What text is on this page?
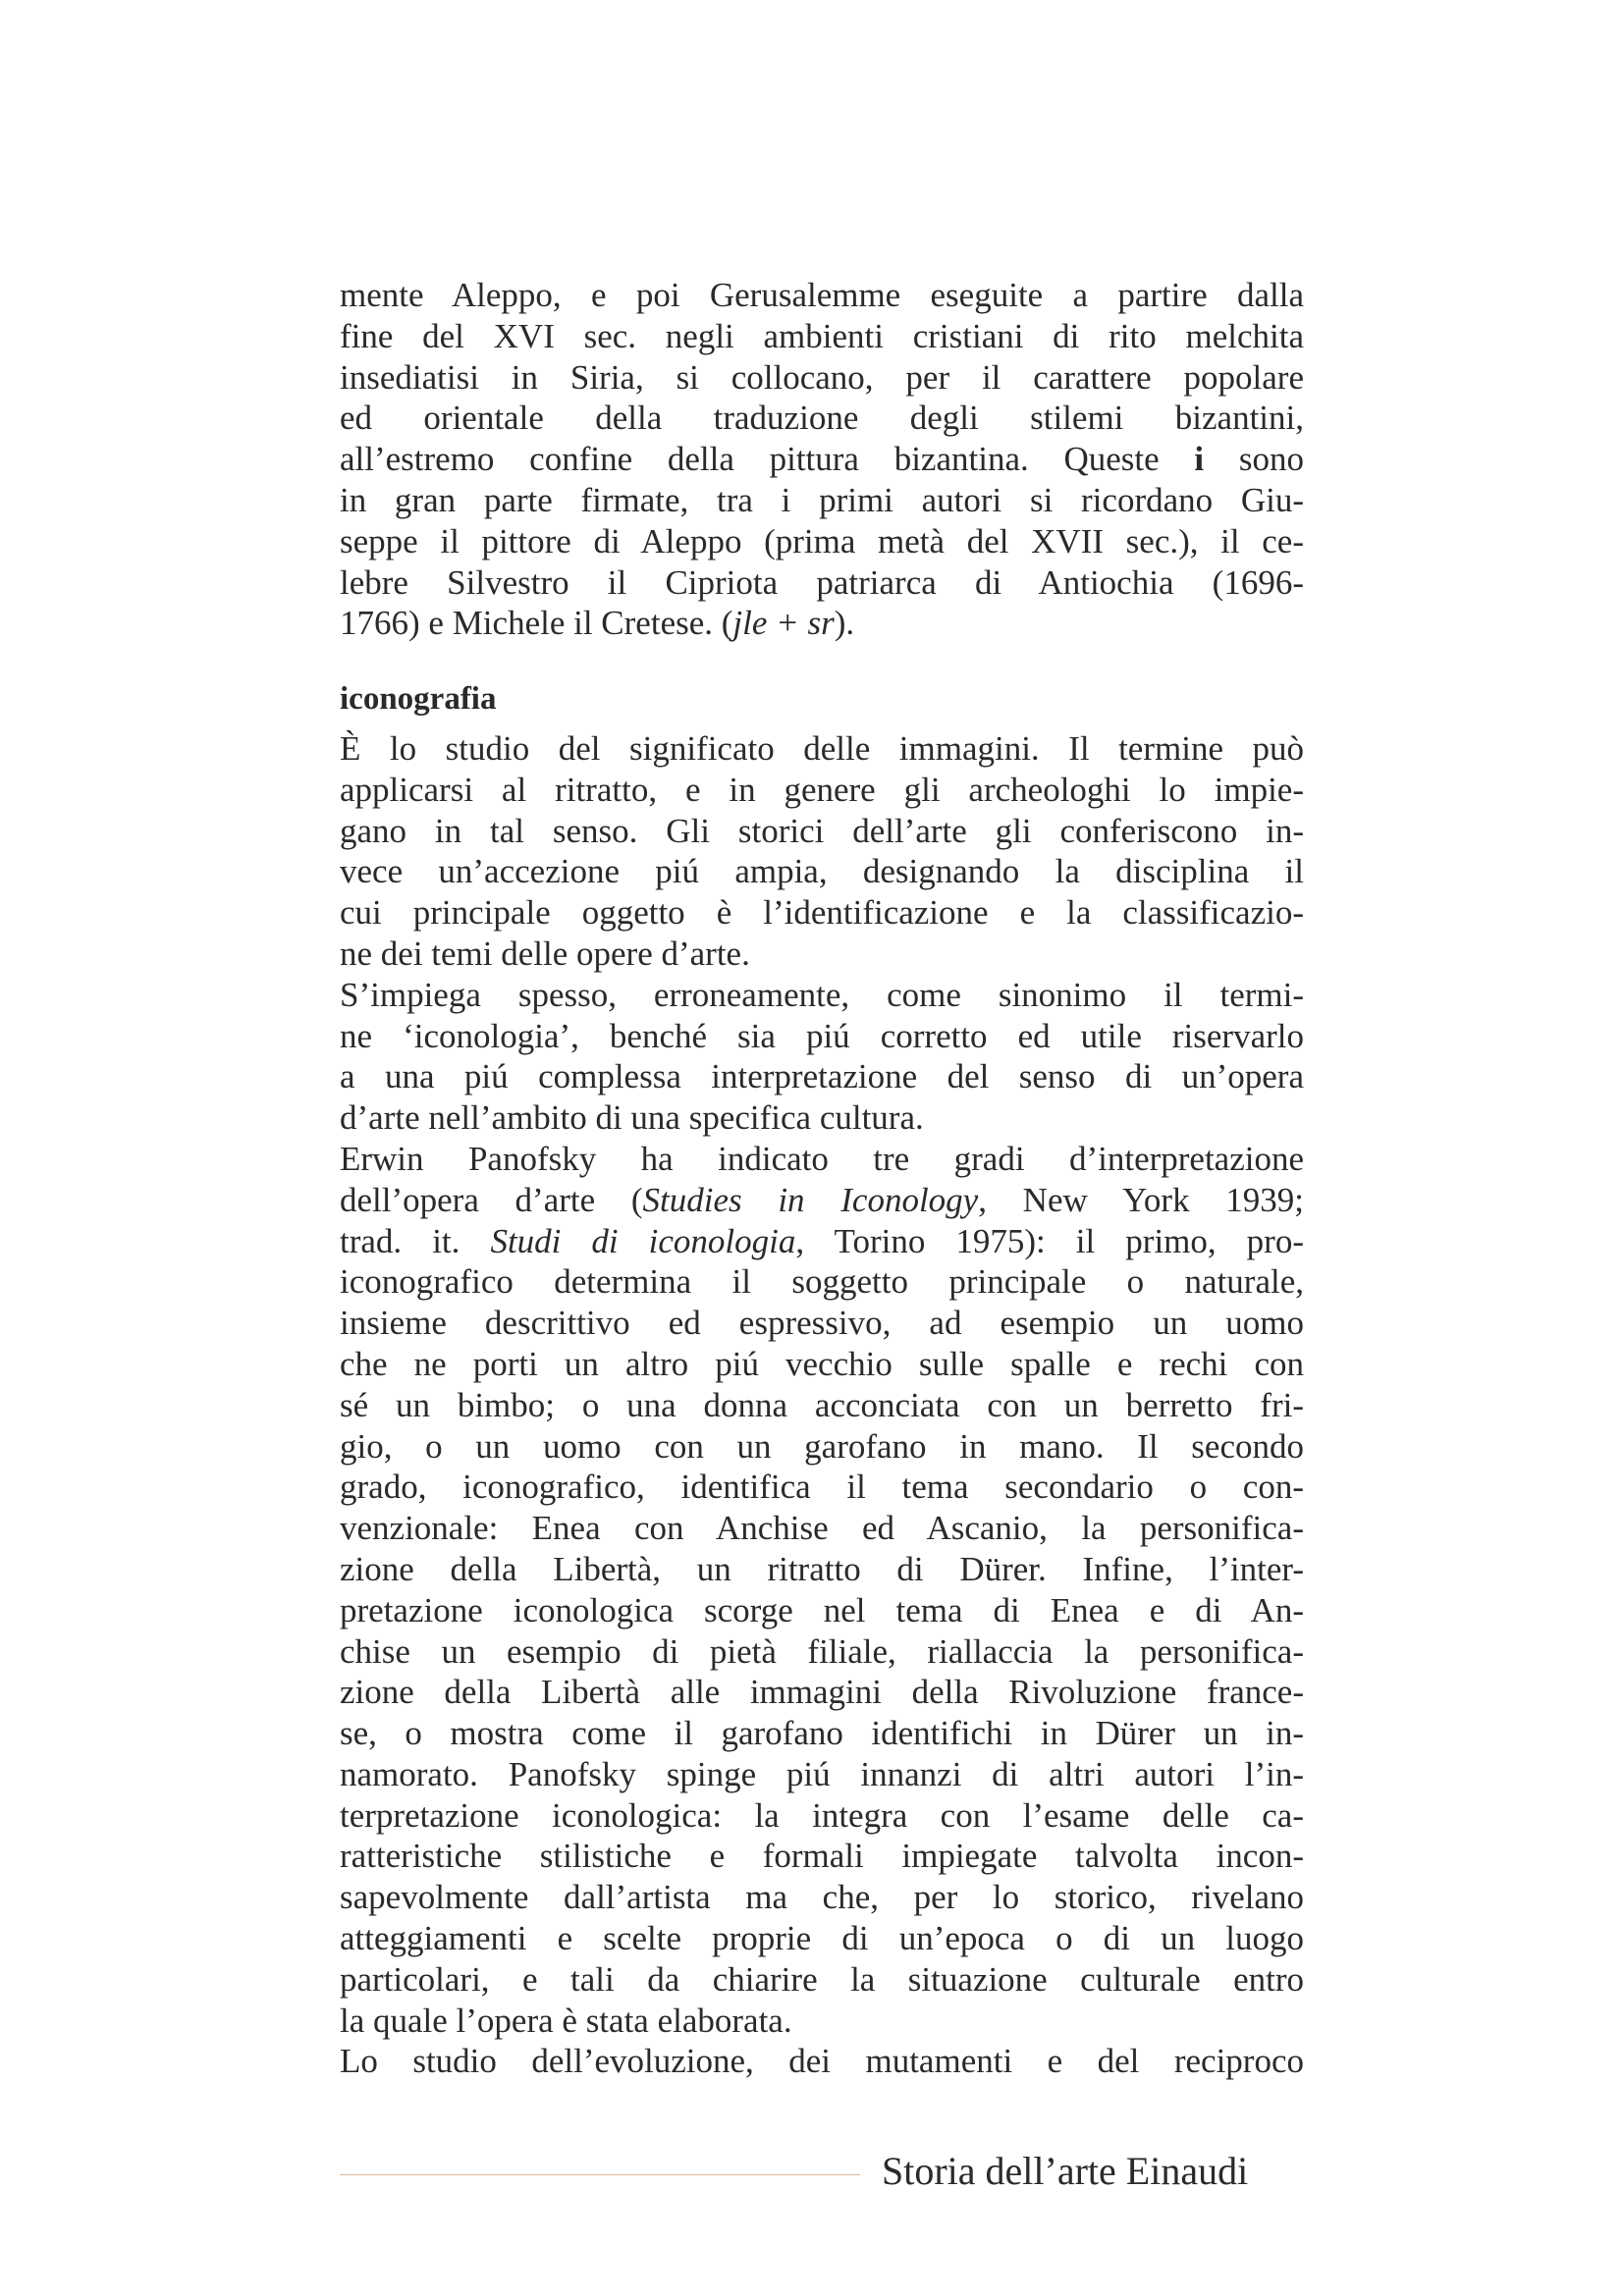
mente Aleppo, e poi Gerusalemme eseguite a partire dalla
fine del XVI sec. negli ambienti cristiani di rito melchita
insediatisi in Siria, si collocano, per il carattere popolare
ed orientale della traduzione degli stilemi bizantini,
all’estremo confine della pittura bizantina. Queste i sono
in gran parte firmate, tra i primi autori si ricordano Giu-
seppe il pittore di Aleppo (prima metà del XVII sec.), il ce-
lebre Silvestro il Cipriota patriarca di Antiochia (1696-
1766) e Michele il Cretese. (jle + sr).

iconografia

È lo studio del significato delle immagini. Il termine può
applicarsi al ritratto, e in genere gli archeologhi lo impie-
gano in tal senso. Gli storici dell’arte gli conferiscono in-
vece un’accezione piú ampia, designando la disciplina il
cui principale oggetto è l’identificazione e la classificazio-
ne dei temi delle opere d’arte.

S’impiega spesso, erroneamente, come sinonimo il termi-
ne ‘iconologia’, benché sia piú corretto ed utile riservarlo
a una piú complessa interpretazione del senso di un’opera
d’arte nell’ambito di una specifica cultura.

Erwin Panofsky ha indicato tre gradi d’interpretazione
dell’opera d’arte (Studies in Iconology, New York 1939;
trad. it. Studi di iconologia, Torino 1975): il primo, pro-
iconografico determina il soggetto principale o naturale,
insieme descrittivo ed espressivo, ad esempio un uomo
che ne porti un altro piú vecchio sulle spalle e rechi con
sé un bimbo; o una donna acconciata con un berretto fri-
gio, o un uomo con un garofano in mano. Il secondo
grado, iconografico, identifica il tema secondario o con-
venzionale: Enea con Anchise ed Ascanio, la personifica-
zione della Libertà, un ritratto di Dürer. Infine, l’inter-
pretazione iconologica scorge nel tema di Enea e di An-
chise un esempio di pietà filiale, riallaccia la personifica-
zione della Libertà alle immagini della Rivoluzione france-
se, o mostra come il garofano identifichi in Dürer un in-
namorato. Panofsky spinge piú innanzi di altri autori l’in-
terpretazione iconologica: la integra con l’esame delle ca-
ratteristiche stilistiche e formali impiegate talvolta incon-
sapevolmente dall’artista ma che, per lo storico, rivelano
atteggiamenti e scelte proprie di un’epoca o di un luogo
particolari, e tali da chiarire la situazione culturale entro
la quale l’opera è stata elaborata.

Lo studio dell’evoluzione, dei mutamenti e del reciproco

Storia dell’arte Einaudi
